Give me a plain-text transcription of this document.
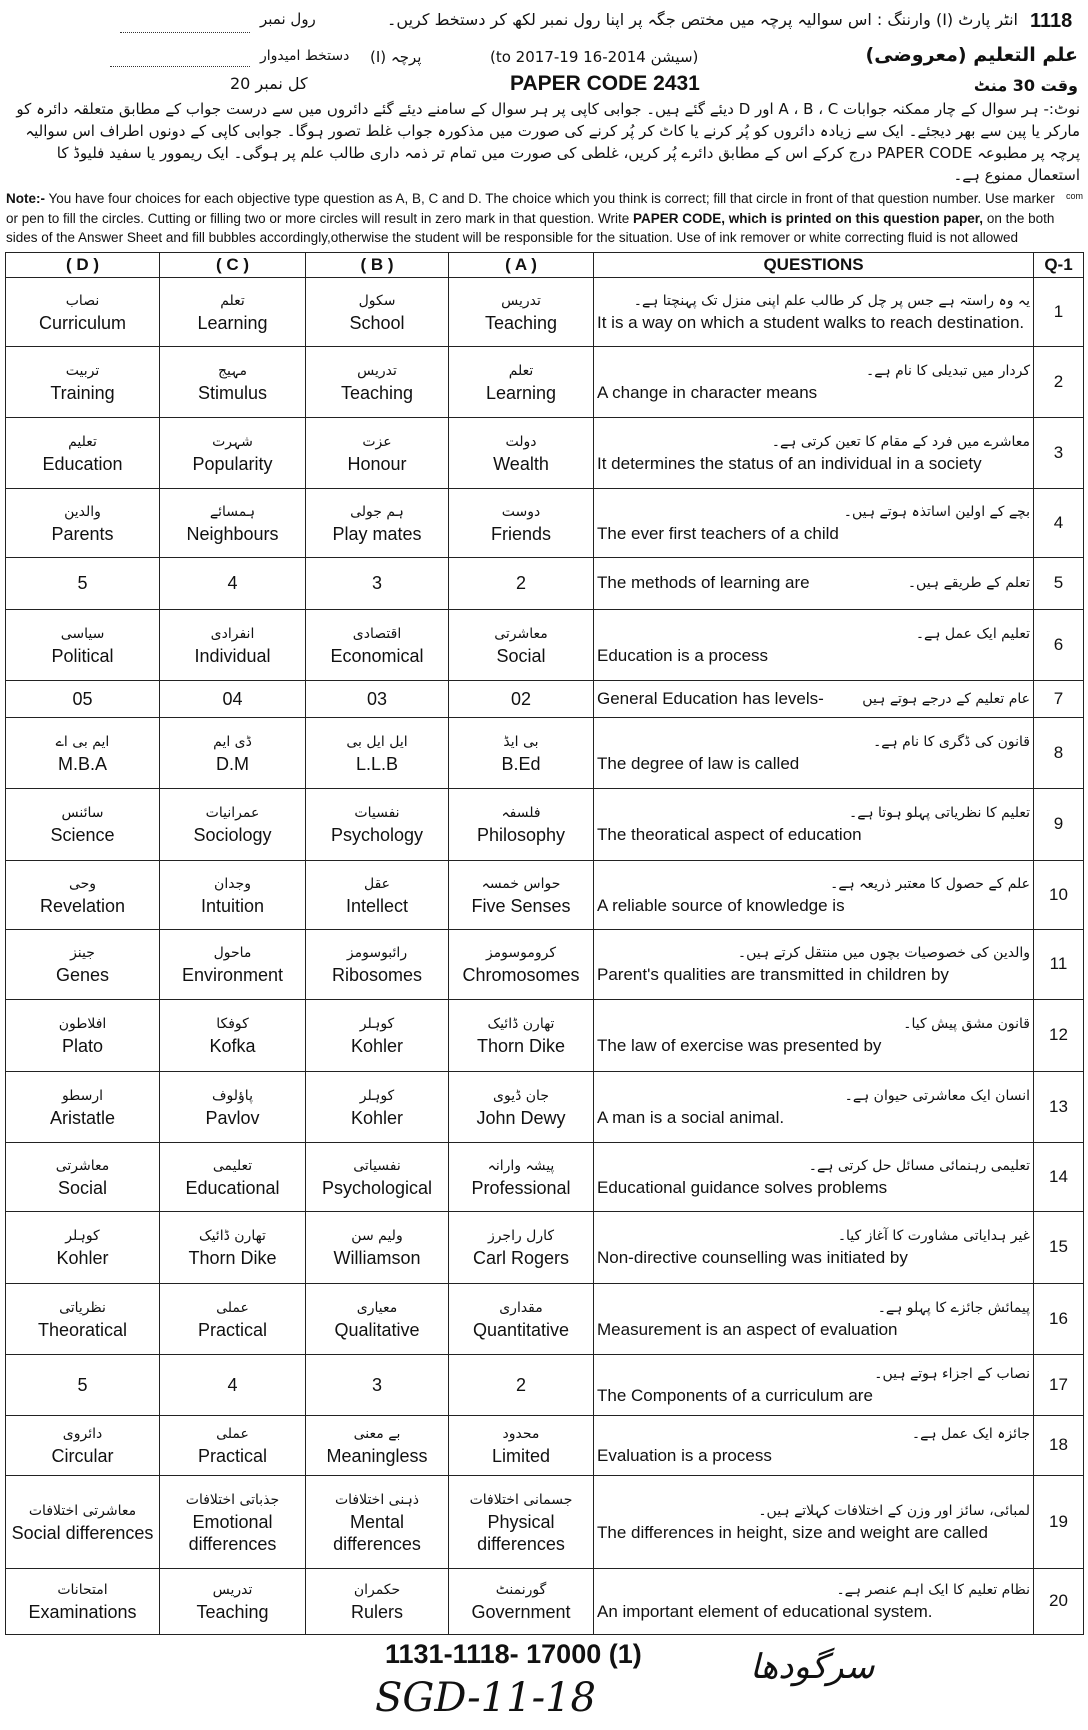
1118
انٹر پارٹ (I) وارننگ : اس سوالیہ پرچہ میں مختص جگہ پر اپنا رول نمبر لکھ کر دستخط کریں۔
رول نمبر
علم التعلیم (معروضی)
(سیشن 2014-16 to 2017-19)
پرچہ (I)
دستخط امیدوار
وقت 30 منٹ
PAPER CODE 2431
کل نمبر 20
نوٹ:- ہر سوال کے چار ممکنہ جوابات A ، B ، C اور D دیئے گئے ہیں۔ جوابی کاپی پر ہر سوال کے سامنے دیئے گئے دائروں میں سے درست جواب کے مطابق متعلقہ دائرہ کو مارکر یا پین سے بھر دیجئے۔ ایک سے زیادہ دائروں کو پُر کرنے یا کاٹ کر پُر کرنے کی صورت میں مذکورہ جواب غلط تصور ہوگا۔ جوابی کاپی کے دونوں اطراف اس سوالیہ پرچہ پر مطبوعہ PAPER CODE درج کرکے اس کے مطابق دائرے پُر کریں، غلطی کی صورت میں تمام تر ذمہ داری طالب علم پر ہوگی۔ ایک ریموور یا سفید فلیوڈ کا استعمال ممنوع ہے۔
Note:- You have four choices for each objective type question as A, B, C and D. The choice which you think is correct; fill that circle in front of that question number. Use marker or pen to fill the circles. Cutting or filling two or more circles will result in zero mark in that question. Write PAPER CODE, which is printed on this question paper, on the both sides of the Answer Sheet and fill bubbles accordingly,otherwise the student will be responsible for the situation. Use of ink remover or white correcting fluid is not allowed
com
( D )	( C )	( B )	( A )	QUESTIONS	Q-1

نصاب
Curriculum	تعلم
Learning	سکول
School	تدریس
Teaching	یہ وہ راستہ ہے جس پر چل کر طالب علم اپنی منزل تک پہنچتا ہے۔
It is a way on which a student walks to reach destination.	1

تربیت
Training	مہیج
Stimulus	تدریس
Teaching	تعلم
Learning	کردار میں تبدیلی کا نام ہے۔
A change in character means	2

تعلیم
Education	شہرت
Popularity	عزت
Honour	دولت
Wealth	معاشرے میں فرد کے مقام کا تعین کرتی ہے۔
It determines the status of an individual in a society	3

والدین
Parents	ہمسائے
Neighbours	ہم جولی
Play mates	دوست
Friends	بچے کے اولین اساتذہ ہوتے ہیں۔
The ever first teachers of a child	4

5	4	3	2	The methods of learning are تعلم کے طریقے ہیں۔	5

سیاسی
Political	انفرادی
Individual	اقتصادی
Economical	معاشرتی
Social	تعلیم ایک عمل ہے۔
Education is a process	6

05	04	03	02	General Education has levels- عام تعلیم کے درجے ہوتے ہیں	7

ایم بی اے
M.B.A	ڈی ایم
D.M	ایل ایل بی
L.L.B	بی ایڈ
B.Ed	قانون کی ڈگری کا نام ہے۔
The degree of law is called	8

سائنس
Science	عمرانیات
Sociology	نفسیات
Psychology	فلسفہ
Philosophy	تعلیم کا نظریاتی پہلو ہوتا ہے۔
The theoratical aspect of education	9

وحی
Revelation	وجدان
Intuition	عقل
Intellect	حواس خمسہ
Five Senses	علم کے حصول کا معتبر ذریعہ ہے۔
A reliable source of knowledge is	10

جینز
Genes	ماحول
Environment	رائبوسومز
Ribosomes	کروموسومز
Chromosomes	والدین کی خصوصیات بچوں میں منتقل کرتے ہیں۔
Parent's qualities are transmitted in children by	11

افلاطون
Plato	کوفکا
Kofka	کوہلر
Kohler	تھارن ڈائیک
Thorn Dike	قانون مشق پیش کیا۔
The law of exercise was presented by	12

ارسطو
Aristatle	پاؤلوف
Pavlov	کوہلر
Kohler	جان ڈیوی
John Dewy	انسان ایک معاشرتی حیوان ہے۔
A man is a social animal.	13

معاشرتی
Social	تعلیمی
Educational	نفسیاتی
Psychological	پیشہ وارانہ
Professional	تعلیمی رہنمائی مسائل حل کرتی ہے۔
Educational guidance solves problems	14

کوہلر
Kohler	تھارن ڈائیک
Thorn Dike	ولیم سن
Williamson	کارل راجرز
Carl Rogers	غیر ہدایاتی مشاورت کا آغاز کیا۔
Non-directive counselling was initiated by	15

نظریاتی
Theoratical	عملی
Practical	معیاری
Qualitative	مقداری
Quantitative	پیمائش جائزے کا پہلو ہے۔
Measurement is an aspect of evaluation	16

5	4	3	2	نصاب کے اجزاء ہوتے ہیں۔
The Components of a curriculum are	17

دائروی
Circular	عملی
Practical	بے معنی
Meaningless	محدود
Limited	جائزہ ایک عمل ہے۔
Evaluation is a process	18

معاشرتی اختلافات
Social differences	جذباتی اختلافات
Emotional differences	ذہنی اختلافات
Mental differences	جسمانی اختلافات
Physical differences	لمبائی، سائز اور وزن کے اختلافات کہلاتے ہیں۔
The differences in height, size and weight are called	19

امتحانات
Examinations	تدریس
Teaching	حکمران
Rulers	گورنمنٹ
Government	نظام تعلیم کا ایک اہم عنصر ہے۔
An important element of educational system.	20
1131-1118- 17000 (1)
SGD-11-18
سرگودھا
